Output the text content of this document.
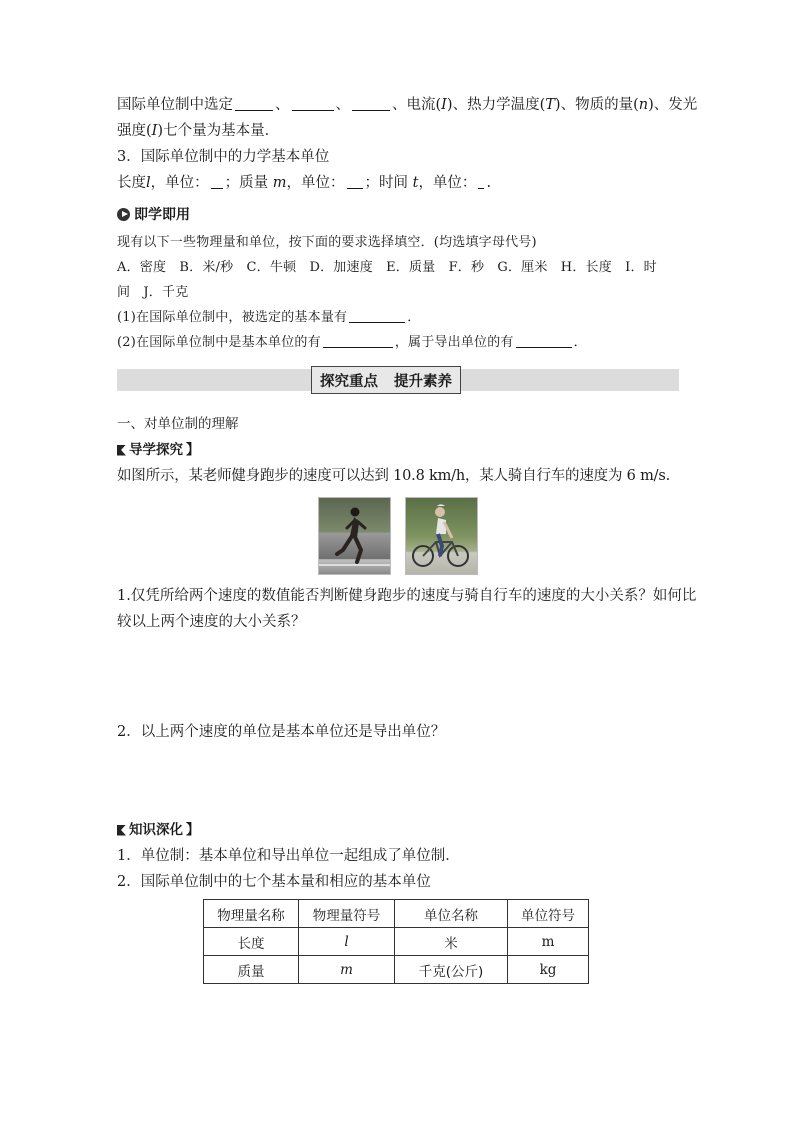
国际单位制中选定	、	、	、电流(I)、热力学温度(T)、物质的量(n)、发光

强度(I)七个量为基本量．

3．国际单位制中的力学基本单位

长度l，单位： ；质量 m，单位： ；时间 t，单位： .

即学即用

现有以下一些物理量和单位，按下面的要求选择填空．(均选填字母代号)

A．密度　B．米/秒　C．牛顿　D．加速度　E．质量　F．秒　G．厘米　H．长度　I．时

间　J．千克

(1)在国际单位制中，被选定的基本量有	．

(2)在国际单位制中是基本单位的有	，属于导出单位的有	．

探究重点 提升素养

一、对单位制的理解

导学探究 】

如图所示，某老师健身跑步的速度可以达到 10.8 km/h，某人骑自行车的速度为 6 m/s.

1.仅凭所给两个速度的数值能否判断健身跑步的速度与骑自行车的速度的大小关系？如何比

较以上两个速度的大小关系？

2．以上两个速度的单位是基本单位还是导出单位？

知识深化 】

1．单位制：基本单位和导出单位一起组成了单位制．

2．国际单位制中的七个基本量和相应的基本单位

物理量名称	物理量符号	单位名称	单位符号
长度	l	米	m
质量	m	千克(公斤)	kg
